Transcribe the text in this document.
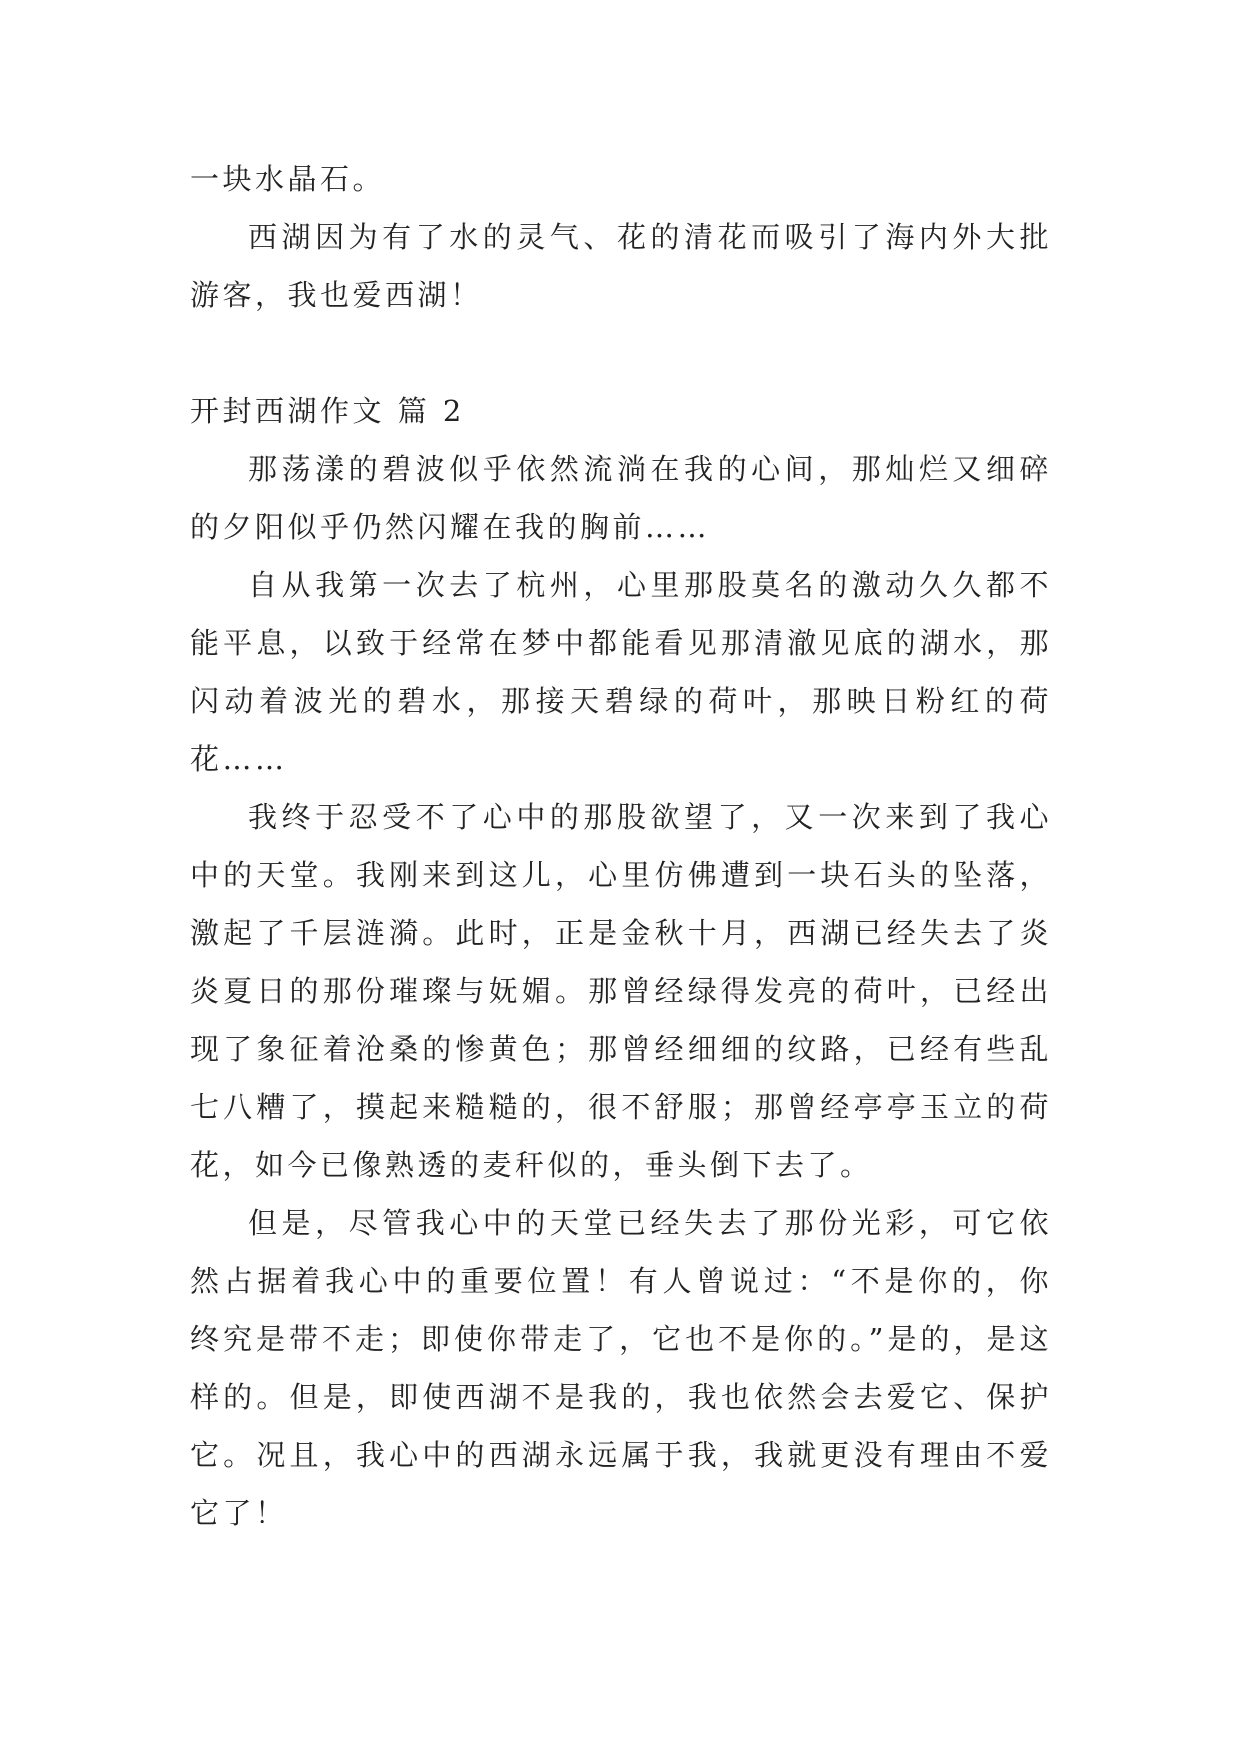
一块水晶石。

西湖因为有了水的灵气、花的清花而吸引了海内外大批游客，我也爱西湖！

开封西湖作文 篇 2

那荡漾的碧波似乎依然流淌在我的心间，那灿烂又细碎的夕阳似乎仍然闪耀在我的胸前……

自从我第一次去了杭州，心里那股莫名的激动久久都不能平息，以致于经常在梦中都能看见那清澈见底的湖水，那闪动着波光的碧水，那接天碧绿的荷叶，那映日粉红的荷花……

我终于忍受不了心中的那股欲望了，又一次来到了我心中的天堂。我刚来到这儿，心里仿佛遭到一块石头的坠落，激起了千层涟漪。此时，正是金秋十月，西湖已经失去了炎炎夏日的那份璀璨与妩媚。那曾经绿得发亮的荷叶，已经出现了象征着沧桑的惨黄色；那曾经细细的纹路，已经有些乱七八糟了，摸起来糙糙的，很不舒服；那曾经亭亭玉立的荷花，如今已像熟透的麦秆似的，垂头倒下去了。

但是，尽管我心中的天堂已经失去了那份光彩，可它依然占据着我心中的重要位置！有人曾说过：“不是你的，你终究是带不走；即使你带走了，它也不是你的。”是的，是这样的。但是，即使西湖不是我的，我也依然会去爱它、保护它。况且，我心中的西湖永远属于我，我就更没有理由不爱它了！
